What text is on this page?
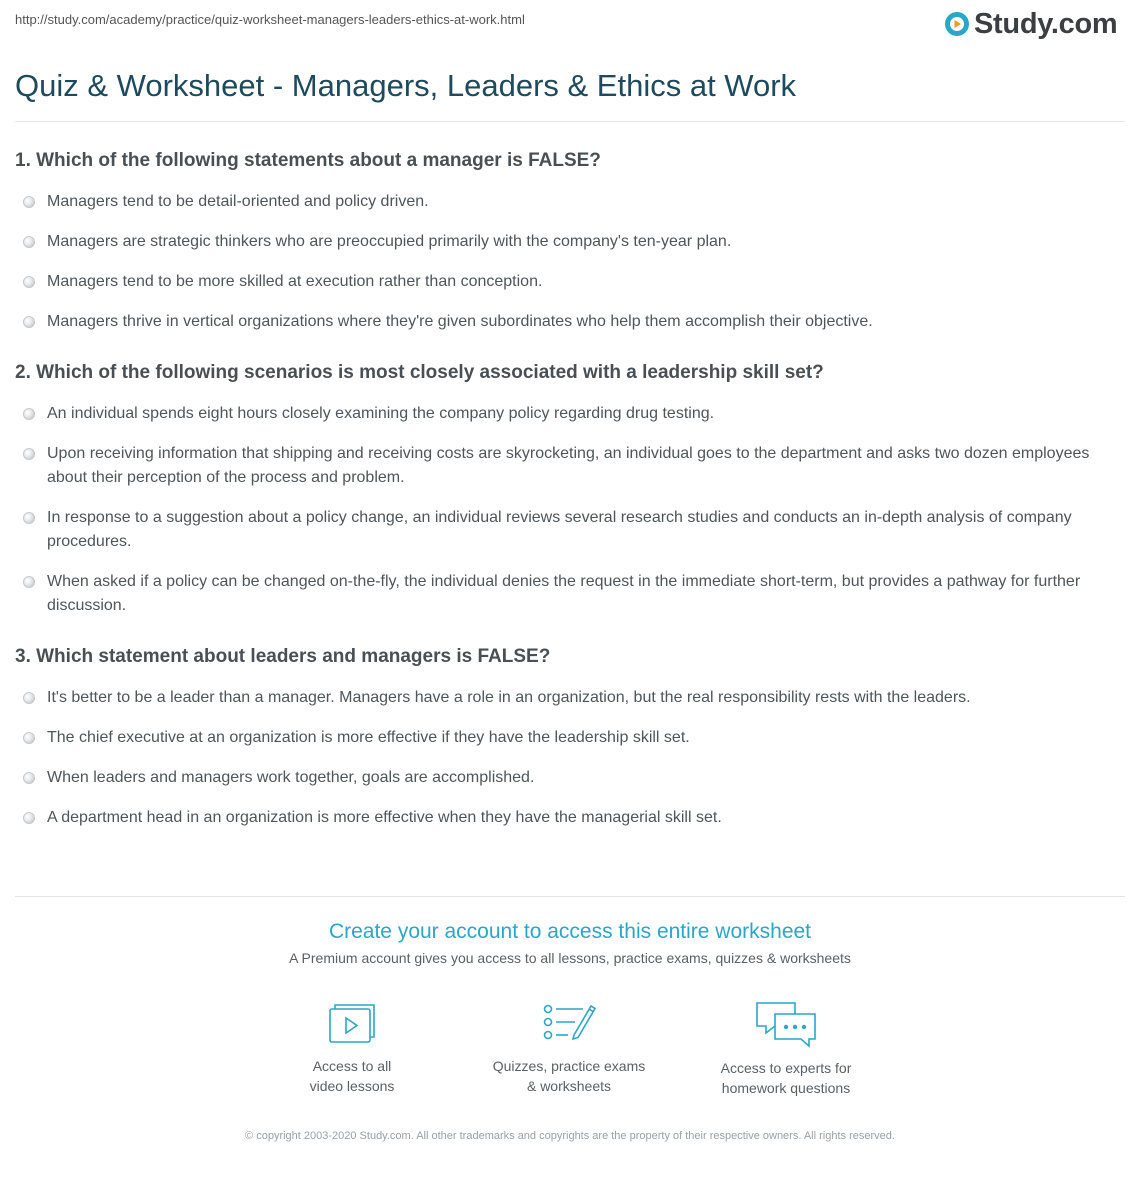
http://study.com/academy/practice/quiz-worksheet-managers-leaders-ethics-at-work.html	Study.com
Quiz & Worksheet - Managers, Leaders & Ethics at Work
1. Which of the following statements about a manager is FALSE?
Managers tend to be detail-oriented and policy driven.
Managers are strategic thinkers who are preoccupied primarily with the company's ten-year plan.
Managers tend to be more skilled at execution rather than conception.
Managers thrive in vertical organizations where they're given subordinates who help them accomplish their objective.
2. Which of the following scenarios is most closely associated with a leadership skill set?
An individual spends eight hours closely examining the company policy regarding drug testing.
Upon receiving information that shipping and receiving costs are skyrocketing, an individual goes to the department and asks two dozen employees about their perception of the process and problem.
In response to a suggestion about a policy change, an individual reviews several research studies and conducts an in-depth analysis of company procedures.
When asked if a policy can be changed on-the-fly, the individual denies the request in the immediate short-term, but provides a pathway for further discussion.
3. Which statement about leaders and managers is FALSE?
It's better to be a leader than a manager. Managers have a role in an organization, but the real responsibility rests with the leaders.
The chief executive at an organization is more effective if they have the leadership skill set.
When leaders and managers work together, goals are accomplished.
A department head in an organization is more effective when they have the managerial skill set.
Create your account to access this entire worksheet

A Premium account gives you access to all lessons, practice exams, quizzes & worksheets

Access to all
video lessons
Quizzes, practice exams
& worksheets
Access to experts for
homework questions
© copyright 2003-2020 Study.com. All other trademarks and copyrights are the property of their respective owners. All rights reserved.
